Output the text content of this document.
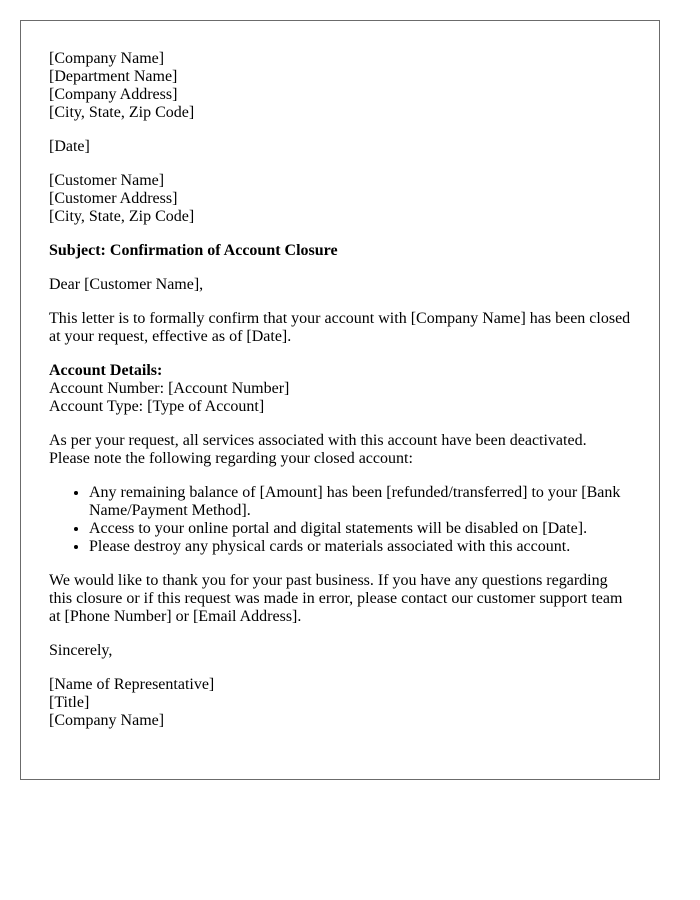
[Company Name]
[Department Name]
[Company Address]
[City, State, Zip Code]

[Date]

[Customer Name]
[Customer Address]
[City, State, Zip Code]

Subject: Confirmation of Account Closure

Dear [Customer Name],

This letter is to formally confirm that your account with [Company Name] has been closed at your request, effective as of [Date].

Account Details:
Account Number: [Account Number]
Account Type: [Type of Account]

As per your request, all services associated with this account have been deactivated. Please note the following regarding your closed account:

• Any remaining balance of [Amount] has been [refunded/transferred] to your [Bank Name/Payment Method].
• Access to your online portal and digital statements will be disabled on [Date].
• Please destroy any physical cards or materials associated with this account.

We would like to thank you for your past business. If you have any questions regarding this closure or if this request was made in error, please contact our customer support team at [Phone Number] or [Email Address].

Sincerely,

[Name of Representative]
[Title]
[Company Name]
